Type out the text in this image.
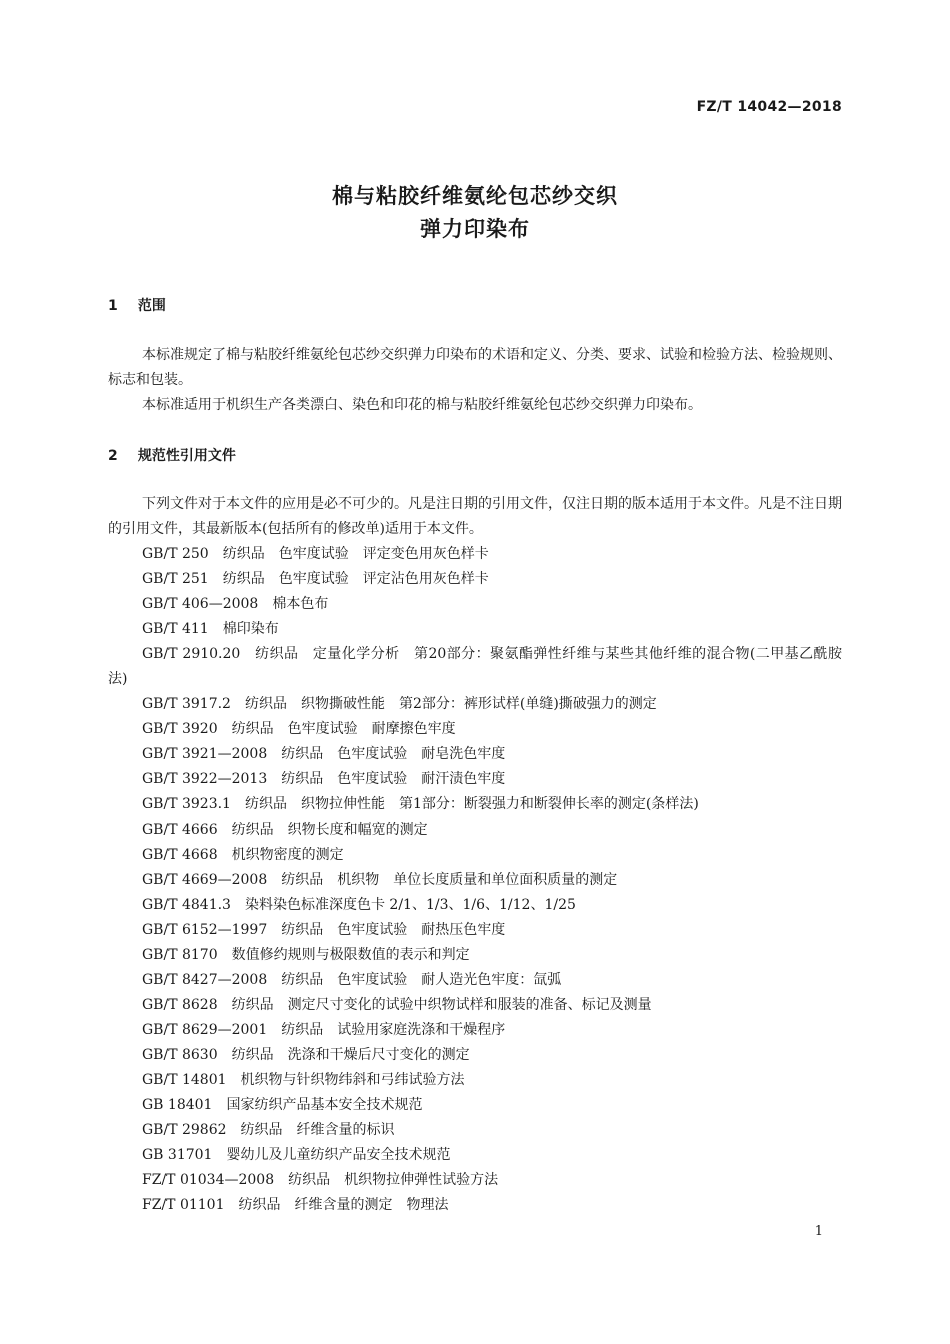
FZ/T 14042—2018
棉与粘胶纤维氨纶包芯纱交织
弹力印染布
1 范围
本标准规定了棉与粘胶纤维氨纶包芯纱交织弹力印染布的术语和定义、分类、要求、试验和检验方法、检验规则、标志和包装。
本标准适用于机织生产各类漂白、染色和印花的棉与粘胶纤维氨纶包芯纱交织弹力印染布。
2 规范性引用文件
下列文件对于本文件的应用是必不可少的。凡是注日期的引用文件，仅注日期的版本适用于本文件。凡是不注日期的引用文件，其最新版本(包括所有的修改单)适用于本文件。
GB/T 250　纺织品　色牢度试验　评定变色用灰色样卡
GB/T 251　纺织品　色牢度试验　评定沾色用灰色样卡
GB/T 406—2008　棉本色布
GB/T 411　棉印染布
GB/T 2910.20　纺织品　定量化学分析　第20部分：聚氨酯弹性纤维与某些其他纤维的混合物(二甲基乙酰胺法)
GB/T 3917.2　纺织品　织物撕破性能　第2部分：裤形试样(单缝)撕破强力的测定
GB/T 3920　纺织品　色牢度试验　耐摩擦色牢度
GB/T 3921—2008　纺织品　色牢度试验　耐皂洗色牢度
GB/T 3922—2013　纺织品　色牢度试验　耐汗渍色牢度
GB/T 3923.1　纺织品　织物拉伸性能　第1部分：断裂强力和断裂伸长率的测定(条样法)
GB/T 4666　纺织品　织物长度和幅宽的测定
GB/T 4668　机织物密度的测定
GB/T 4669—2008　纺织品　机织物　单位长度质量和单位面积质量的测定
GB/T 4841.3　染料染色标准深度色卡 2/1、1/3、1/6、1/12、1/25
GB/T 6152—1997　纺织品　色牢度试验　耐热压色牢度
GB/T 8170　数值修约规则与极限数值的表示和判定
GB/T 8427—2008　纺织品　色牢度试验　耐人造光色牢度：氙弧
GB/T 8628　纺织品　测定尺寸变化的试验中织物试样和服装的准备、标记及测量
GB/T 8629—2001　纺织品　试验用家庭洗涤和干燥程序
GB/T 8630　纺织品　洗涤和干燥后尺寸变化的测定
GB/T 14801　机织物与针织物纬斜和弓纬试验方法
GB 18401　国家纺织产品基本安全技术规范
GB/T 29862　纺织品　纤维含量的标识
GB 31701　婴幼儿及儿童纺织产品安全技术规范
FZ/T 01034—2008　纺织品　机织物拉伸弹性试验方法
FZ/T 01101　纺织品　纤维含量的测定　物理法
1
